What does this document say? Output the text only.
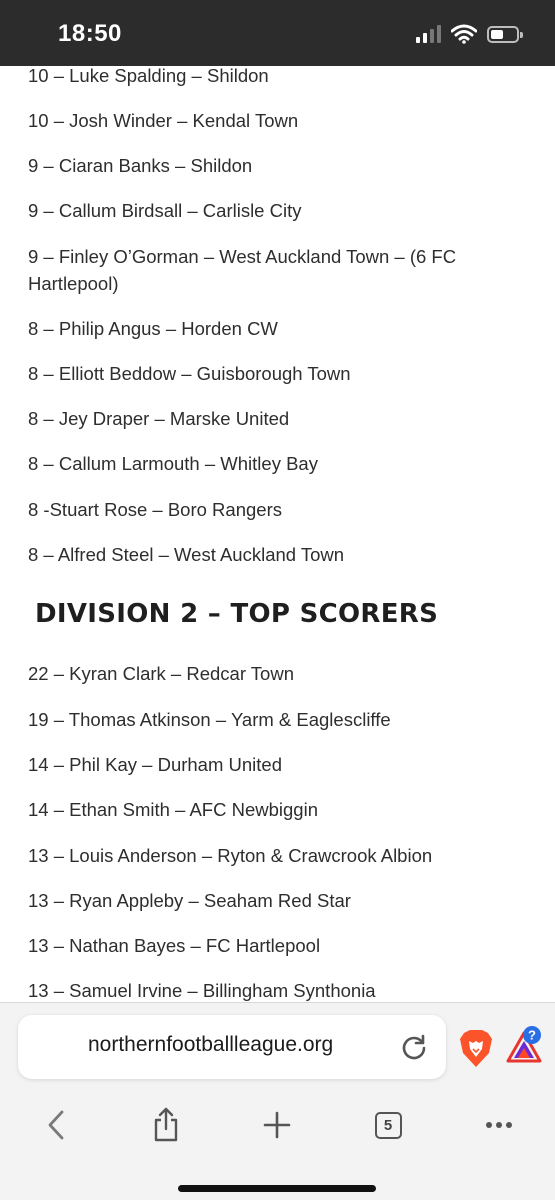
18:50
10 – Luke Spalding – Shildon
10 – Josh Winder – Kendal Town
9 – Ciaran Banks – Shildon
9 – Callum Birdsall – Carlisle City
9 – Finley O’Gorman – West Auckland Town – (6 FC Hartlepool)
8 – Philip Angus – Horden CW
8 – Elliott Beddow – Guisborough Town
8 – Jey Draper – Marske United
8 – Callum Larmouth – Whitley Bay
8 -Stuart Rose – Boro Rangers
8 – Alfred Steel – West Auckland Town
DIVISION 2 – TOP SCORERS
22 – Kyran Clark – Redcar Town
19 – Thomas Atkinson – Yarm & Eaglescliffe
14 – Phil Kay – Durham United
14 – Ethan Smith – AFC Newbiggin
13 – Louis Anderson – Ryton & Crawcrook Albion
13 – Ryan Appleby – Seaham Red Star
13 – Nathan Bayes – FC Hartlepool
13 – Samuel Irvine – Billingham Synthonia
northernfootballleague.org	?
5
